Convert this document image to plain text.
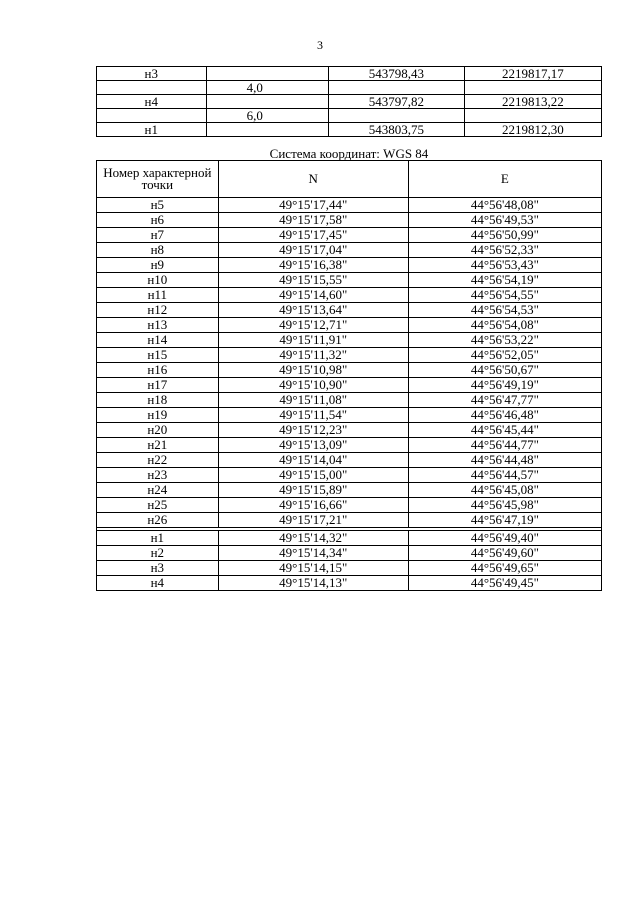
3
н3		543798,43	2219817,17
	4,0		
н4		543797,82	2219813,22
	6,0		
н1		543803,75	2219812,30
Система координат: WGS 84
Номер характерной точки	N	E
н5	49°15'17,44"	44°56'48,08"
н6	49°15'17,58"	44°56'49,53"
н7	49°15'17,45"	44°56'50,99"
н8	49°15'17,04"	44°56'52,33"
н9	49°15'16,38"	44°56'53,43"
н10	49°15'15,55"	44°56'54,19"
н11	49°15'14,60"	44°56'54,55"
н12	49°15'13,64"	44°56'54,53"
н13	49°15'12,71"	44°56'54,08"
н14	49°15'11,91"	44°56'53,22"
н15	49°15'11,32"	44°56'52,05"
н16	49°15'10,98"	44°56'50,67"
н17	49°15'10,90"	44°56'49,19"
н18	49°15'11,08"	44°56'47,77"
н19	49°15'11,54"	44°56'46,48"
н20	49°15'12,23"	44°56'45,44"
н21	49°15'13,09"	44°56'44,77"
н22	49°15'14,04"	44°56'44,48"
н23	49°15'15,00"	44°56'44,57"
н24	49°15'15,89"	44°56'45,08"
н25	49°15'16,66"	44°56'45,98"
н26	49°15'17,21"	44°56'47,19"

н1	49°15'14,32"	44°56'49,40"
н2	49°15'14,34"	44°56'49,60"
н3	49°15'14,15"	44°56'49,65"
н4	49°15'14,13"	44°56'49,45"
